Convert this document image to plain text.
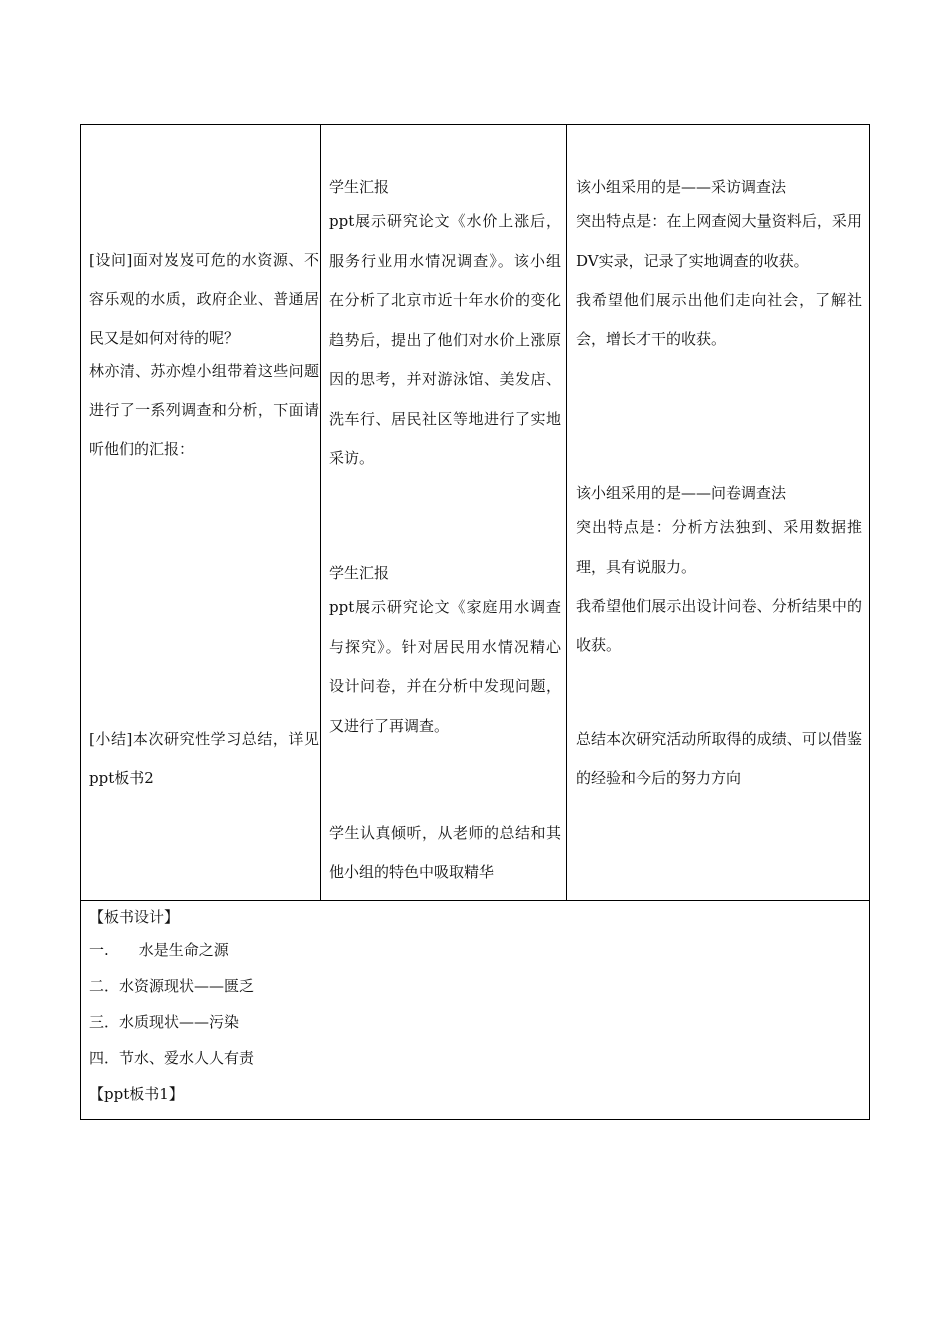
[设问]面对岌岌可危的水资源、不容乐观的水质，政府企业、普通居民又是如何对待的呢？

林亦清、苏亦煌小组带着这些问题进行了一系列调查和分析，下面请听他们的汇报：

[小结]本次研究性学习总结，详见ppt板书2

学生汇报

ppt展示研究论文《水价上涨后，服务行业用水情况调查》。该小组在分析了北京市近十年水价的变化趋势后，提出了他们对水价上涨原因的思考，并对游泳馆、美发店、洗车行、居民社区等地进行了实地采访。

学生汇报

ppt展示研究论文《家庭用水调查与探究》。针对居民用水情况精心设计问卷，并在分析中发现问题，又进行了再调查。

学生认真倾听，从老师的总结和其他小组的特色中吸取精华

该小组采用的是——采访调查法

突出特点是：在上网查阅大量资料后，采用DV实录，记录了实地调查的收获。

我希望他们展示出他们走向社会，了解社会，增长才干的收获。

该小组采用的是——问卷调查法

突出特点是：分析方法独到、采用数据推理，具有说服力。

我希望他们展示出设计问卷、分析结果中的收获。

总结本次研究活动所取得的成绩、可以借鉴的经验和今后的努力方向

【板书设计】

一.　　水是生命之源

二．水资源现状——匮乏

三．水质现状——污染

四．节水、爱水人人有责

【ppt板书1】
